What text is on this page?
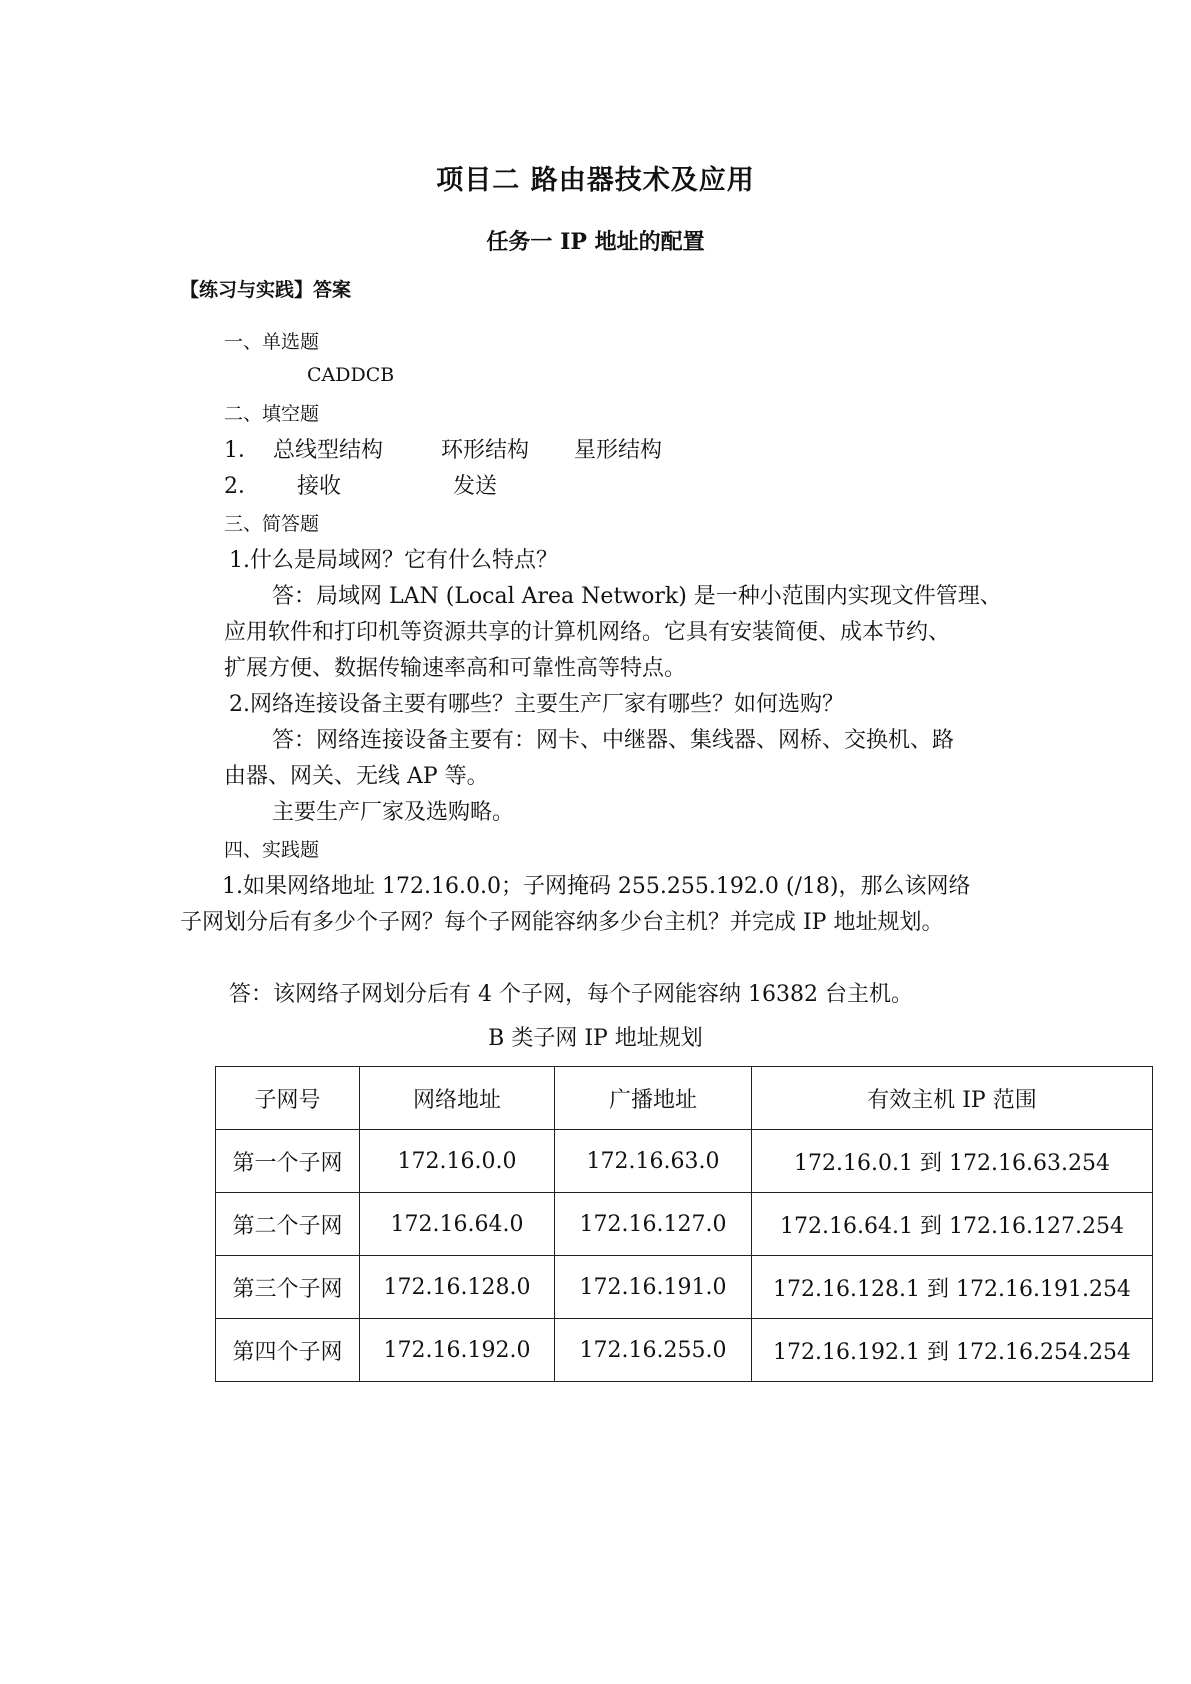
项目二 路由器技术及应用
任务一 IP 地址的配置
【练习与实践】答案
一、单选题
CADDCB
二、填空题
1． 总线型结构	环形结构 星形结构
2． 接收	发送
三、简答题
1.什么是局域网？它有什么特点？
答：局域网 LAN (Local Area Network) 是一种小范围内实现文件管理、
应用软件和打印机等资源共享的计算机网络。它具有安装简便、成本节约、
扩展方便、数据传输速率高和可靠性高等特点。
2.网络连接设备主要有哪些？主要生产厂家有哪些？如何选购？
答：网络连接设备主要有：网卡、中继器、集线器、网桥、交换机、路
由器、网关、无线 AP 等。
主要生产厂家及选购略。
四、实践题
1.如果网络地址 172.16.0.0；子网掩码 255.255.192.0 (/18)，那么该网络
子网划分后有多少个子网？每个子网能容纳多少台主机？并完成 IP 地址规划。
答：该网络子网划分后有 4 个子网，每个子网能容纳 16382 台主机。
B 类子网 IP 地址规划
子网号	网络地址	广播地址	有效主机 IP 范围
第一个子网	172.16.0.0	172.16.63.0	172.16.0.1 到 172.16.63.254
第二个子网	172.16.64.0	172.16.127.0	172.16.64.1 到 172.16.127.254
第三个子网	172.16.128.0	172.16.191.0	172.16.128.1 到 172.16.191.254
第四个子网	172.16.192.0	172.16.255.0	172.16.192.1 到 172.16.254.254
